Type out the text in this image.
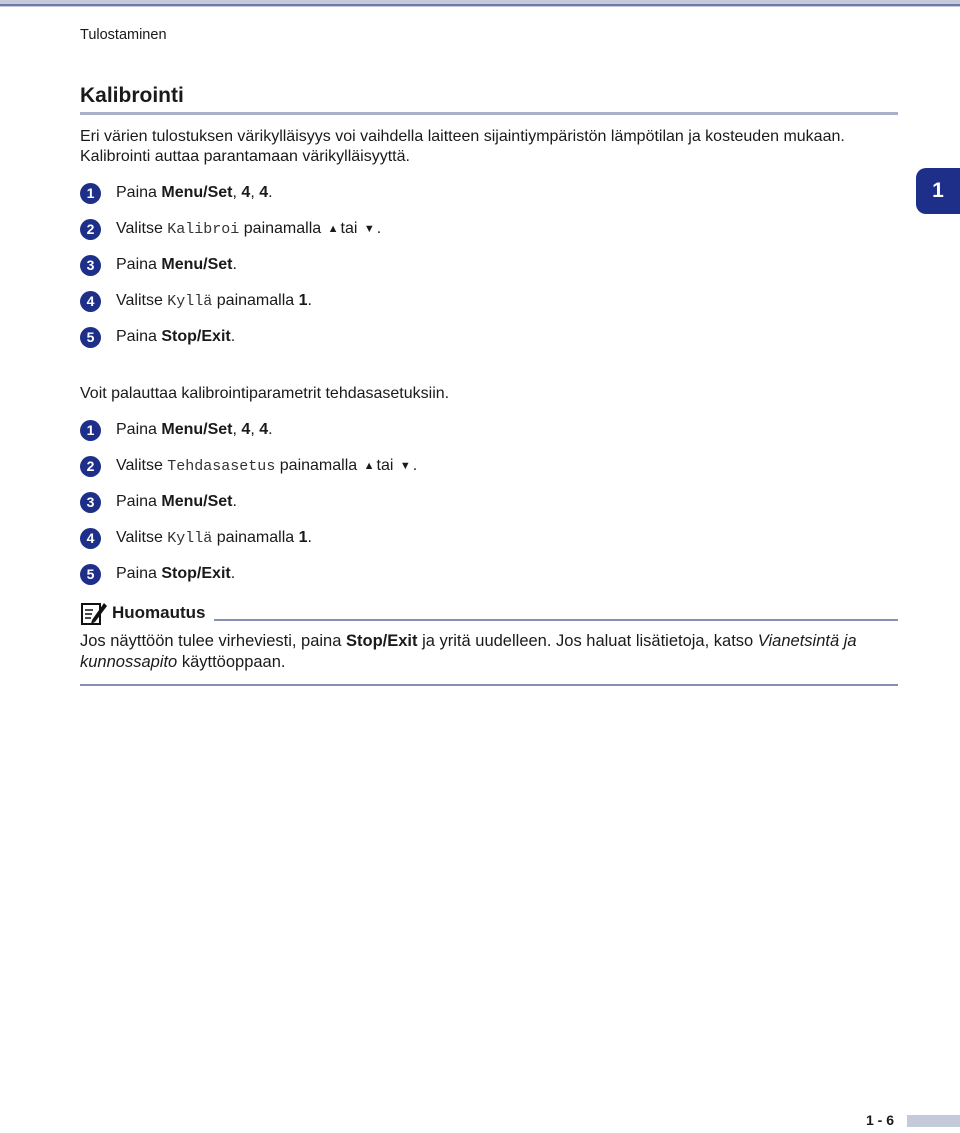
Tulostaminen
1
Kalibrointi
Eri värien tulostuksen värikylläisyys voi vaihdella laitteen sijaintiympäristön lämpötilan ja kosteuden mukaan.
Kalibrointi auttaa parantamaan värikylläisyyttä.
1	Paina
Menu/Set ,
4 ,
4 .
2	Valitse
Kalibroi
painamalla
▲ tai
▼ .
3	Paina
Menu/Set .
4	Valitse
Kyllä
painamalla
1 .
5	Paina
Stop/Exit .
Voit palauttaa kalibrointiparametrit tehdasasetuksiin.
1	Paina
Menu/Set ,
4 ,
4 .
2	Valitse
Tehdasasetus
painamalla
▲ tai
▼ .
3	Paina
Menu/Set .
4	Valitse
Kyllä
painamalla
1 .
5	Paina
Stop/Exit .
Huomautus
Jos näyttöön tulee virheviesti, paina Stop/Exit ja yritä uudelleen. Jos haluat lisätietoja, katso Vianetsintä ja kunnossapito käyttöoppaan.
1 - 6
